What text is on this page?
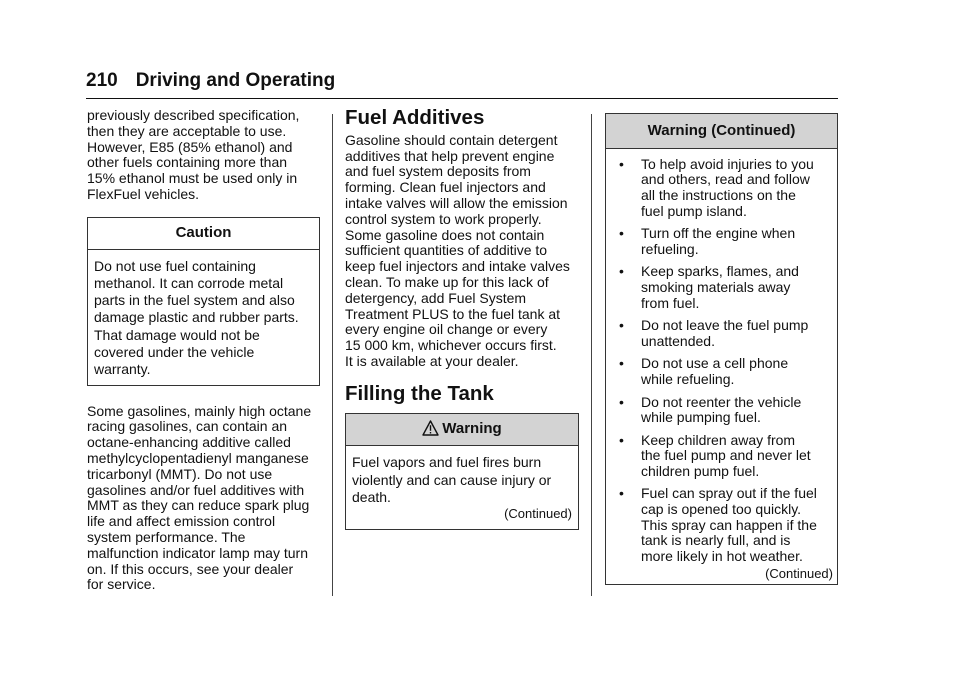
210 Driving and Operating

previously described specification,
then they are acceptable to use.
However, E85 (85% ethanol) and
other fuels containing more than
15% ethanol must be used only in
FlexFuel vehicles.

Caution
Do not use fuel containing
methanol. It can corrode metal
parts in the fuel system and also
damage plastic and rubber parts.
That damage would not be
covered under the vehicle
warranty.

Some gasolines, mainly high octane
racing gasolines, can contain an
octane-enhancing additive called
methylcyclopentadienyl manganese
tricarbonyl (MMT). Do not use
gasolines and/or fuel additives with
MMT as they can reduce spark plug
life and affect emission control
system performance. The
malfunction indicator lamp may turn
on. If this occurs, see your dealer
for service.

Fuel Additives

Gasoline should contain detergent
additives that help prevent engine
and fuel system deposits from
forming. Clean fuel injectors and
intake valves will allow the emission
control system to work properly.
Some gasoline does not contain
sufficient quantities of additive to
keep fuel injectors and intake valves
clean. To make up for this lack of
detergency, add Fuel System
Treatment PLUS to the fuel tank at
every engine oil change or every
15 000 km, whichever occurs first.
It is available at your dealer.

Filling the Tank
Warning
Fuel vapors and fuel fires burn
violently and can cause injury or
death.
(Continued)
Warning (Continued)
• To help avoid injuries to you
and others, read and follow
all the instructions on the
fuel pump island.
• Turn off the engine when
refueling.
• Keep sparks, flames, and
smoking materials away
from fuel.
• Do not leave the fuel pump
unattended.
• Do not use a cell phone
while refueling.
• Do not reenter the vehicle
while pumping fuel.
• Keep children away from
the fuel pump and never let
children pump fuel.
• Fuel can spray out if the fuel
cap is opened too quickly.
This spray can happen if the
tank is nearly full, and is
more likely in hot weather.
(Continued)
